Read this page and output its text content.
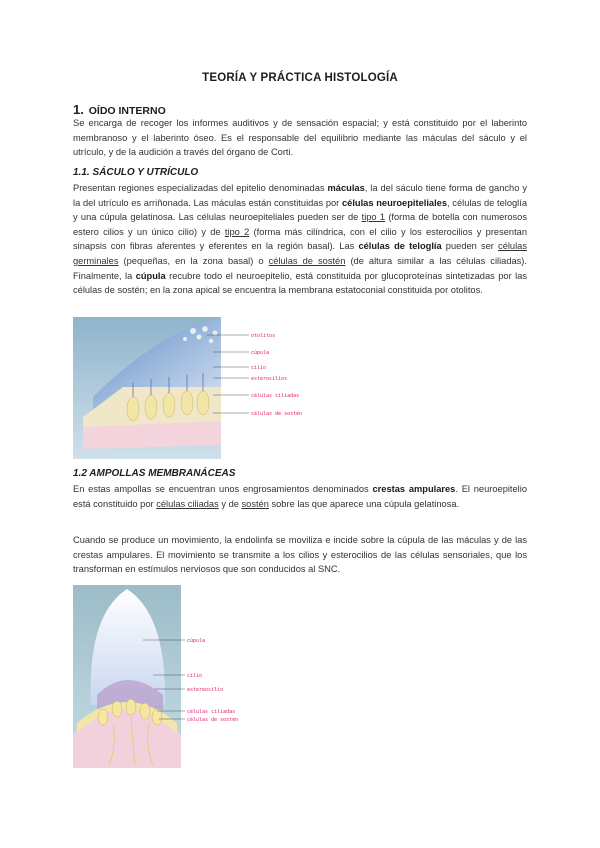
TEORÍA Y PRÁCTICA HISTOLOGÍA
1. OÍDO INTERNO
Se encarga de recoger los informes auditivos y de sensación espacial; y está constituido por el laberinto membranoso y el laberinto óseo. Es el responsable del equilibrio mediante las máculas del sáculo y el utrículo, y de la audición a través del órgano de Corti.
1.1. SÁCULO Y UTRÍCULO
Presentan regiones especializadas del epitelio denominadas máculas, la del sáculo tiene forma de gancho y la del utrículo es arriñonada. Las máculas están constituidas por células neuroepiteliales, células de teloglía y una cúpula gelatinosa. Las células neuroepiteliales pueden ser de tipo 1 (forma de botella con numerosos estero cilios y un único cilio) y de tipo 2 (forma más cilíndrica, con el cilio y los esterocilios y presentan sinapsis con fibras aferentes y eferentes en la región basal). Las células de teloglía pueden ser células germinales (pequeñas, en la zona basal) o células de sostén (de altura similar a las células ciliadas). Finalmente, la cúpula recubre todo el neuroepitelio, está constituida por glucoproteínas sintetizadas por las células de sostén; en la zona apical se encuentra la membrana estatoconial constituida por otolitos.
otolitos
cúpula
cilio
esterocilios
células ciliadas
células de sostén
1.2 AMPOLLAS MEMBRANÁCEAS
En estas ampollas se encuentran unos engrosamientos denominados crestas ampulares. El neuroepitelio está constituido por células ciliadas y de sostén sobre las que aparece una cúpula gelatinosa.
Cuando se produce un movimiento, la endolinfa se moviliza e incide sobre la cúpula de las máculas y de las crestas ampulares. El movimiento se transmite a los cilios y esterocilios de las células sensoriales, que los transforman en estímulos nerviosos que son conducidos al SNC.
cúpula
cilio
estereocilio
células ciliadas
células de sostén
